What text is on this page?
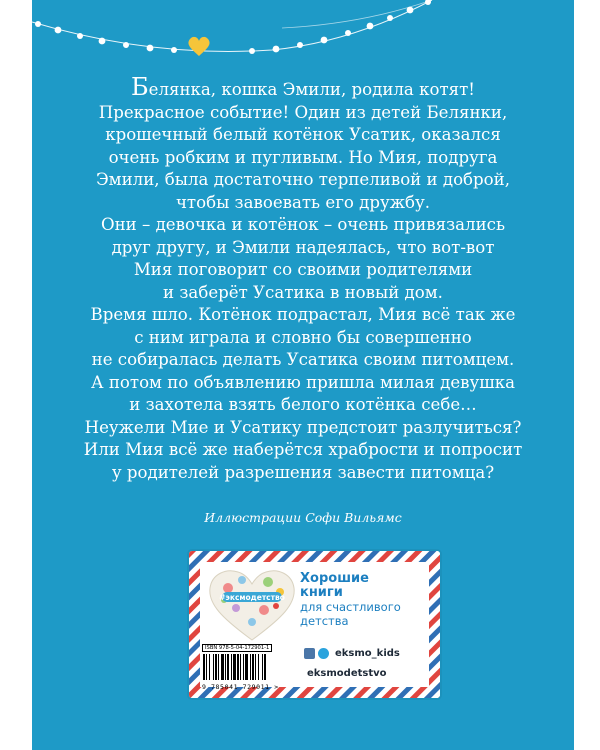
Белянка, кошка Эмили, родила котят!

Прекрасное событие! Один из детей Белянки,

крошечный белый котёнок Усатик, оказался

очень робким и пугливым. Но Мия, подруга

Эмили, была достаточно терпеливой и доброй,

чтобы завоевать его дружбу.

Они – девочка и котёнок – очень привязались

друг другу, и Эмили надеялась, что вот-вот

Мия поговорит со своими родителями

и заберёт Усатика в новый дом.

Время шло. Котёнок подрастал, Мия всё так же

с ним играла и словно бы совершенно

не собиралась делать Усатика своим питомцем.

А потом по объявлению пришла милая девушка

и захотела взять белого котёнка себе…

Неужели Мие и Усатику предстоит разлучиться?

Или Мия всё же наберётся храбрости и попросит

у родителей разрешения завести питомца?

Иллюстрации Софи Вильямс
#эксмодетство
Хорошие
книги
для счастливого
детства
eksmo_kids
eksmodetstvo
ISBN 978-5-04-172901-1
9 785041 729011 >
